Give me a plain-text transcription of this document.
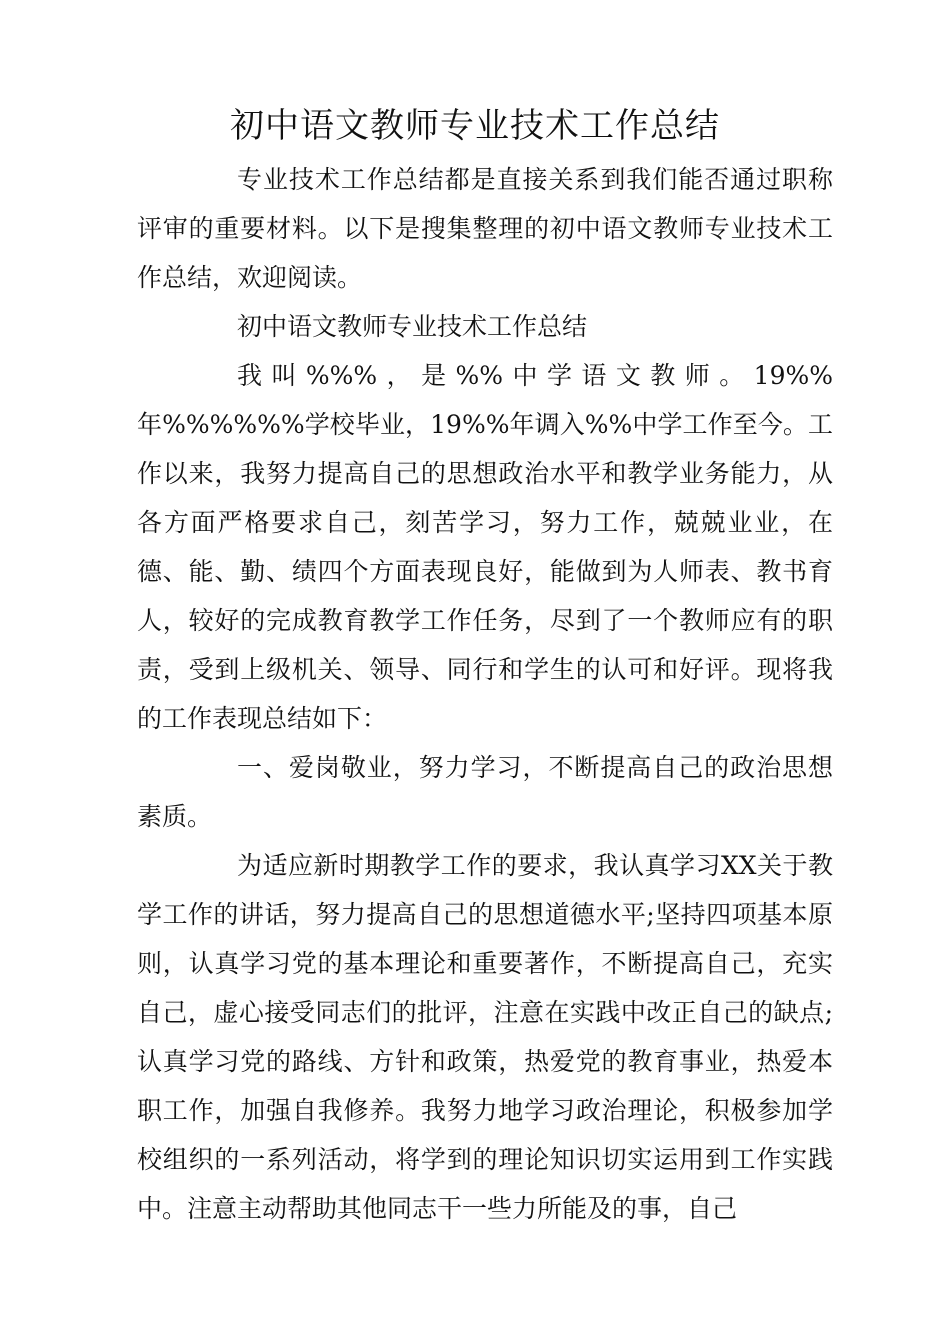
初中语文教师专业技术工作总结

专业技术工作总结都是直接关系到我们能否通过职称评审的重要材料。以下是搜集整理的初中语文教师专业技术工作总结，欢迎阅读。

初中语文教师专业技术工作总结

我叫%%%，是%%中学语文教师。19%%年%%%%%%学校毕业，19%%年调入%%中学工作至今。工作以来，我努力提高自己的思想政治水平和教学业务能力，从各方面严格要求自己，刻苦学习，努力工作，兢兢业业，在德、能、勤、绩四个方面表现良好，能做到为人师表、教书育人，较好的完成教育教学工作任务，尽到了一个教师应有的职责，受到上级机关、领导、同行和学生的认可和好评。现将我的工作表现总结如下：

一、爱岗敬业，努力学习，不断提高自己的政治思想素质。

为适应新时期教学工作的要求，我认真学习XX关于教学工作的讲话，努力提高自己的思想道德水平;坚持四项基本原则，认真学习党的基本理论和重要著作，不断提高自己，充实自己，虚心接受同志们的批评，注意在实践中改正自己的缺点;认真学习党的路线、方针和政策，热爱党的教育事业，热爱本职工作，加强自我修养。我努力地学习政治理论，积极参加学校组织的一系列活动，将学到的理论知识切实运用到工作实践中。注意主动帮助其他同志干一些力所能及的事，自己
